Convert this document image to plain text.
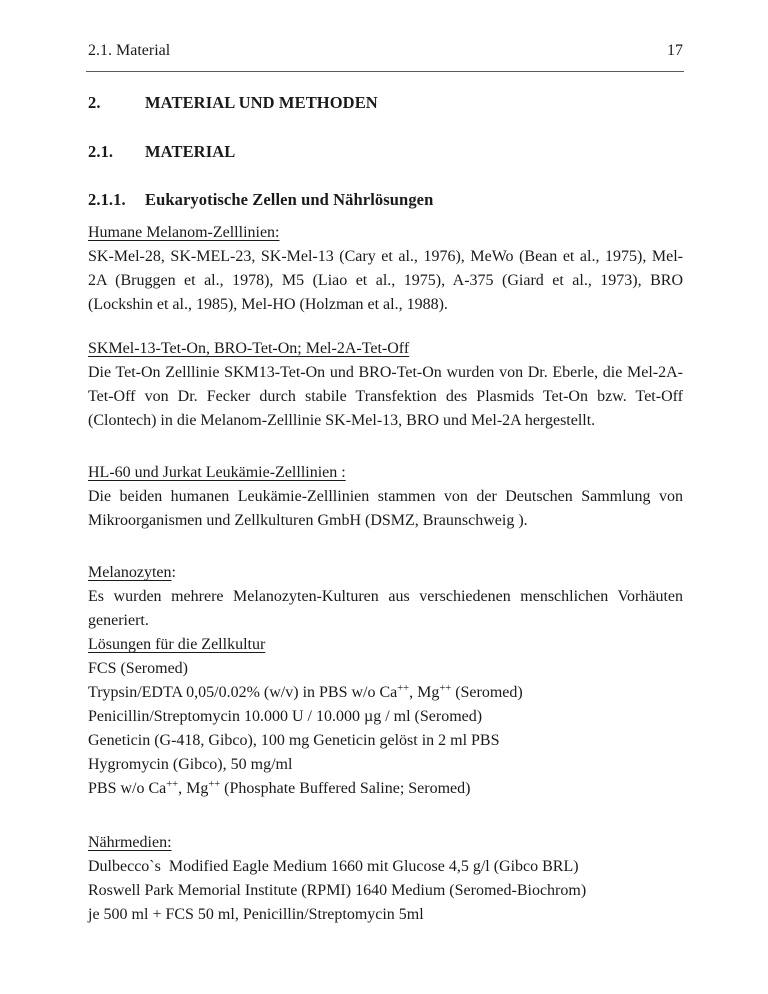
2.1. Material	17
2.	MATERIAL UND METHODEN
2.1.	MATERIAL
2.1.1.	Eukaryotische Zellen und Nährlösungen
Humane Melanom-Zelllinien:

SK-Mel-28, SK-MEL-23, SK-Mel-13 (Cary et al., 1976), MeWo (Bean et al., 1975), Mel-2A (Bruggen et al., 1978), M5 (Liao et al., 1975), A-375 (Giard et al., 1973), BRO (Lockshin et al., 1985), Mel-HO (Holzman et al., 1988).

SKMel-13-Tet-On, BRO-Tet-On; Mel-2A-Tet-Off

Die Tet-On Zelllinie SKM13-Tet-On und BRO-Tet-On wurden von Dr. Eberle, die Mel-2A-Tet-Off von Dr. Fecker durch stabile Transfektion des Plasmids Tet-On bzw. Tet-Off (Clontech) in die Melanom-Zelllinie SK-Mel-13, BRO und Mel-2A hergestellt.

HL-60 und Jurkat Leukämie-Zelllinien :

Die beiden humanen Leukämie-Zelllinien stammen von der Deutschen Sammlung von Mikroorganismen und Zellkulturen GmbH (DSMZ, Braunschweig ).

Melanozyten:

Es wurden mehrere Melanozyten-Kulturen aus verschiedenen menschlichen Vorhäuten generiert.

Lösungen für die Zellkultur
FCS (Seromed)
Trypsin/EDTA 0,05/0.02% (w/v) in PBS w/o Ca++, Mg++ (Seromed)
Penicillin/Streptomycin 10.000 U / 10.000 µg / ml (Seromed)
Geneticin (G-418, Gibco), 100 mg Geneticin gelöst in 2 ml PBS
Hygromycin (Gibco), 50 mg/ml
PBS w/o Ca++, Mg++ (Phosphate Buffered Saline; Seromed)
Nährmedien:
Dulbecco`s  Modified Eagle Medium 1660 mit Glucose 4,5 g/l (Gibco BRL)
Roswell Park Memorial Institute (RPMI) 1640 Medium (Seromed-Biochrom)
je 500 ml + FCS 50 ml, Penicillin/Streptomycin 5ml
